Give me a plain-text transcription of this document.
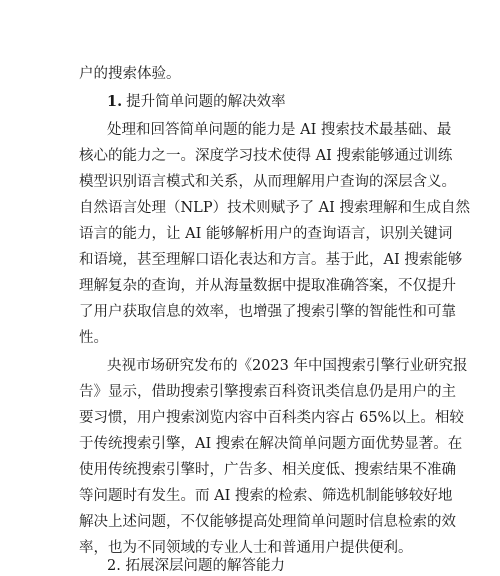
户的搜索体验。
1. 提升简单问题的解决效率
处理和回答简单问题的能力是 AI 搜索技术最基础、最
核心的能力之一。深度学习技术使得 AI 搜索能够通过训练
模型识别语言模式和关系，从而理解用户查询的深层含义。
自然语言处理（NLP）技术则赋予了 AI 搜索理解和生成自然
语言的能力，让 AI 能够解析用户的查询语言，识别关键词
和语境，甚至理解口语化表达和方言。基于此，AI 搜索能够
理解复杂的查询，并从海量数据中提取准确答案，不仅提升
了用户获取信息的效率，也增强了搜索引擎的智能性和可靠
性。
央视市场研究发布的《2023 年中国搜索引擎行业研究报
告》显示，借助搜索引擎搜索百科资讯类信息仍是用户的主
要习惯，用户搜索浏览内容中百科类内容占 65%以上。相较
于传统搜索引擎，AI 搜索在解决简单问题方面优势显著。在
使用传统搜索引擎时，广告多、相关度低、搜索结果不准确
等问题时有发生。而 AI 搜索的检索、筛选机制能够较好地
解决上述问题，不仅能够提高处理简单问题时信息检索的效
率，也为不同领域的专业人士和普通用户提供便利。
2. 拓展深层问题的解答能力
